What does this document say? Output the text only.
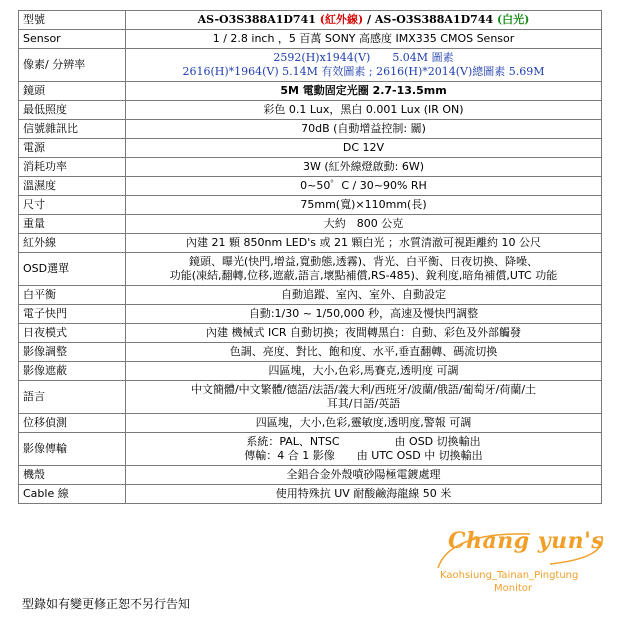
型號	AS-O3S388A1D741 (紅外線) / AS-O3S388A1D744 (白光)
Sensor	1 / 2.8 inch ，5 百萬 SONY 高感度 IMX335 CMOS Sensor

像素/ 分辨率	2592(H)x1944(V)　　5.04M 圖素
2616(H)*1964(V) 5.14M 有效圖素 ; 2616(H)*2014(V)總圖素 5.69M

鏡頭	5M 電動固定光圈 2.7-13.5mm

最低照度	彩色 0.1 Lux，黑白 0.001 Lux (IR ON)

信號雜訊比	70dB (自動增益控制: 關)

電源	DC 12V

消耗功率	3W (紅外線燈啟動: 6W)

溫濕度	0~50゜C / 30~90% RH

尺寸	75mm(寬)×110mm(長)

重量	大約　800 公克

紅外線	內建 21 顆 850nm LED's 或 21 顆白光 ；水質清澈可視距離約 10 公尺

OSD選單	鏡頭、曝光(快門,增益,寬動態,透霧)、背光、白平衡、日夜切換、降噪、
功能(凍結,翻轉,位移,遮蔽,語言,壞點補償,RS-485)、銳利度,暗角補償,UTC 功能

白平衡	自動追蹤、室內、室外、自動設定

電子快門	自動:1/30 ~ 1/50,000 秒，高速及慢快門調整

日夜模式	內建 機械式 ICR 自動切換；夜間轉黑白：自動、彩色及外部觸發

影像調整	色調、亮度、對比、飽和度、水平,垂直翻轉、碼流切換

影像遮蔽	四區塊，大小,色彩,馬賽克,透明度 可調

語言	中文簡體/中文繁體/德語/法語/義大利/西班牙/波蘭/俄語/葡萄牙/荷蘭/土
耳其/日語/英語

位移偵測	四區塊，大小,色彩,靈敏度,透明度,警報 可調

影像傳輸	系統：PAL、NTSC　　　　　由 OSD 切換輸出
傳輸：4 合 1 影像　　由 UTC OSD 中 切換輸出

機殼	全鋁合金外殼噴砂陽極電鍍處理

Cable 線	使用特殊抗 UV 耐酸鹼海龍線 50 米
型錄如有變更修正恕不另行告知
Chang yun's
Kaohsiung_Tainan_Pingtung
Monitor
